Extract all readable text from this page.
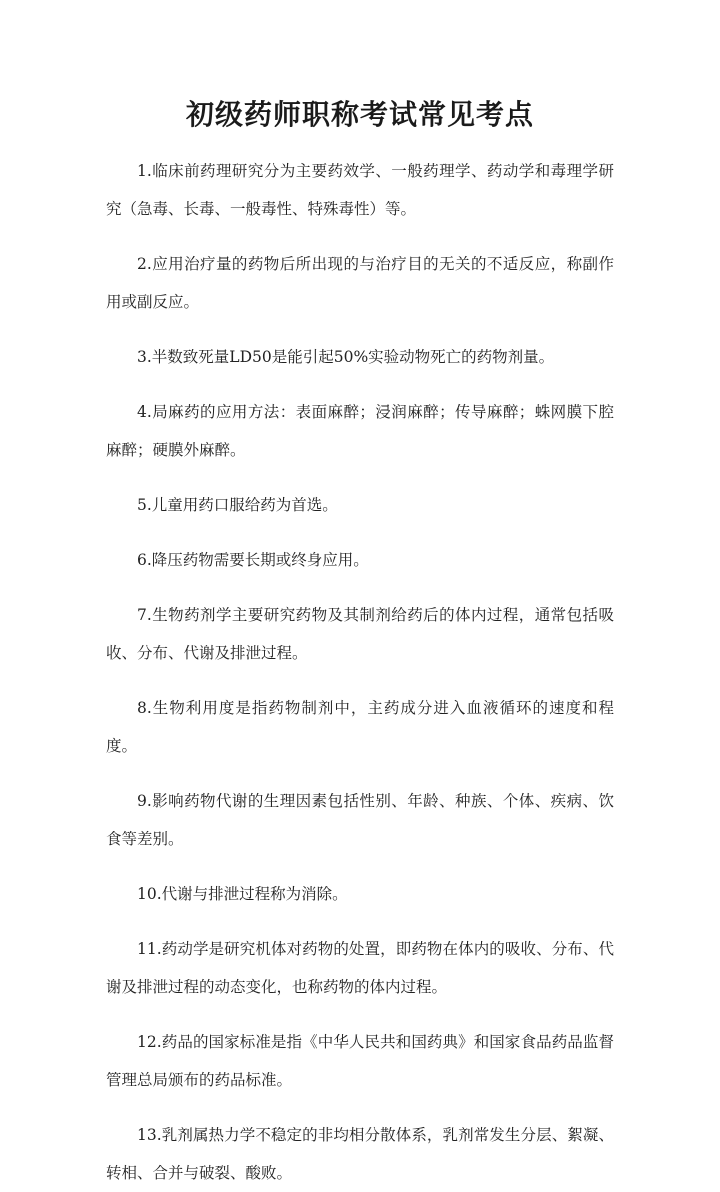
初级药师职称考试常见考点

1.临床前药理研究分为主要药效学、一般药理学、药动学和毒理学研究（急毒、长毒、一般毒性、特殊毒性）等。

2.应用治疗量的药物后所出现的与治疗目的无关的不适反应，称副作用或副反应。

3.半数致死量LD50是能引起50%实验动物死亡的药物剂量。

4.局麻药的应用方法：表面麻醉；浸润麻醉；传导麻醉；蛛网膜下腔麻醉；硬膜外麻醉。

5.儿童用药口服给药为首选。

6.降压药物需要长期或终身应用。

7.生物药剂学主要研究药物及其制剂给药后的体内过程，通常包括吸收、分布、代谢及排泄过程。

8.生物利用度是指药物制剂中，主药成分进入血液循环的速度和程度。

9.影响药物代谢的生理因素包括性别、年龄、种族、个体、疾病、饮食等差别。

10.代谢与排泄过程称为消除。

11.药动学是研究机体对药物的处置，即药物在体内的吸收、分布、代谢及排泄过程的动态变化，也称药物的体内过程。

12.药品的国家标准是指《中华人民共和国药典》和国家食品药品监督管理总局颁布的药品标准。

13.乳剂属热力学不稳定的非均相分散体系，乳剂常发生分层、絮凝、转相、合并与破裂、酸败。
